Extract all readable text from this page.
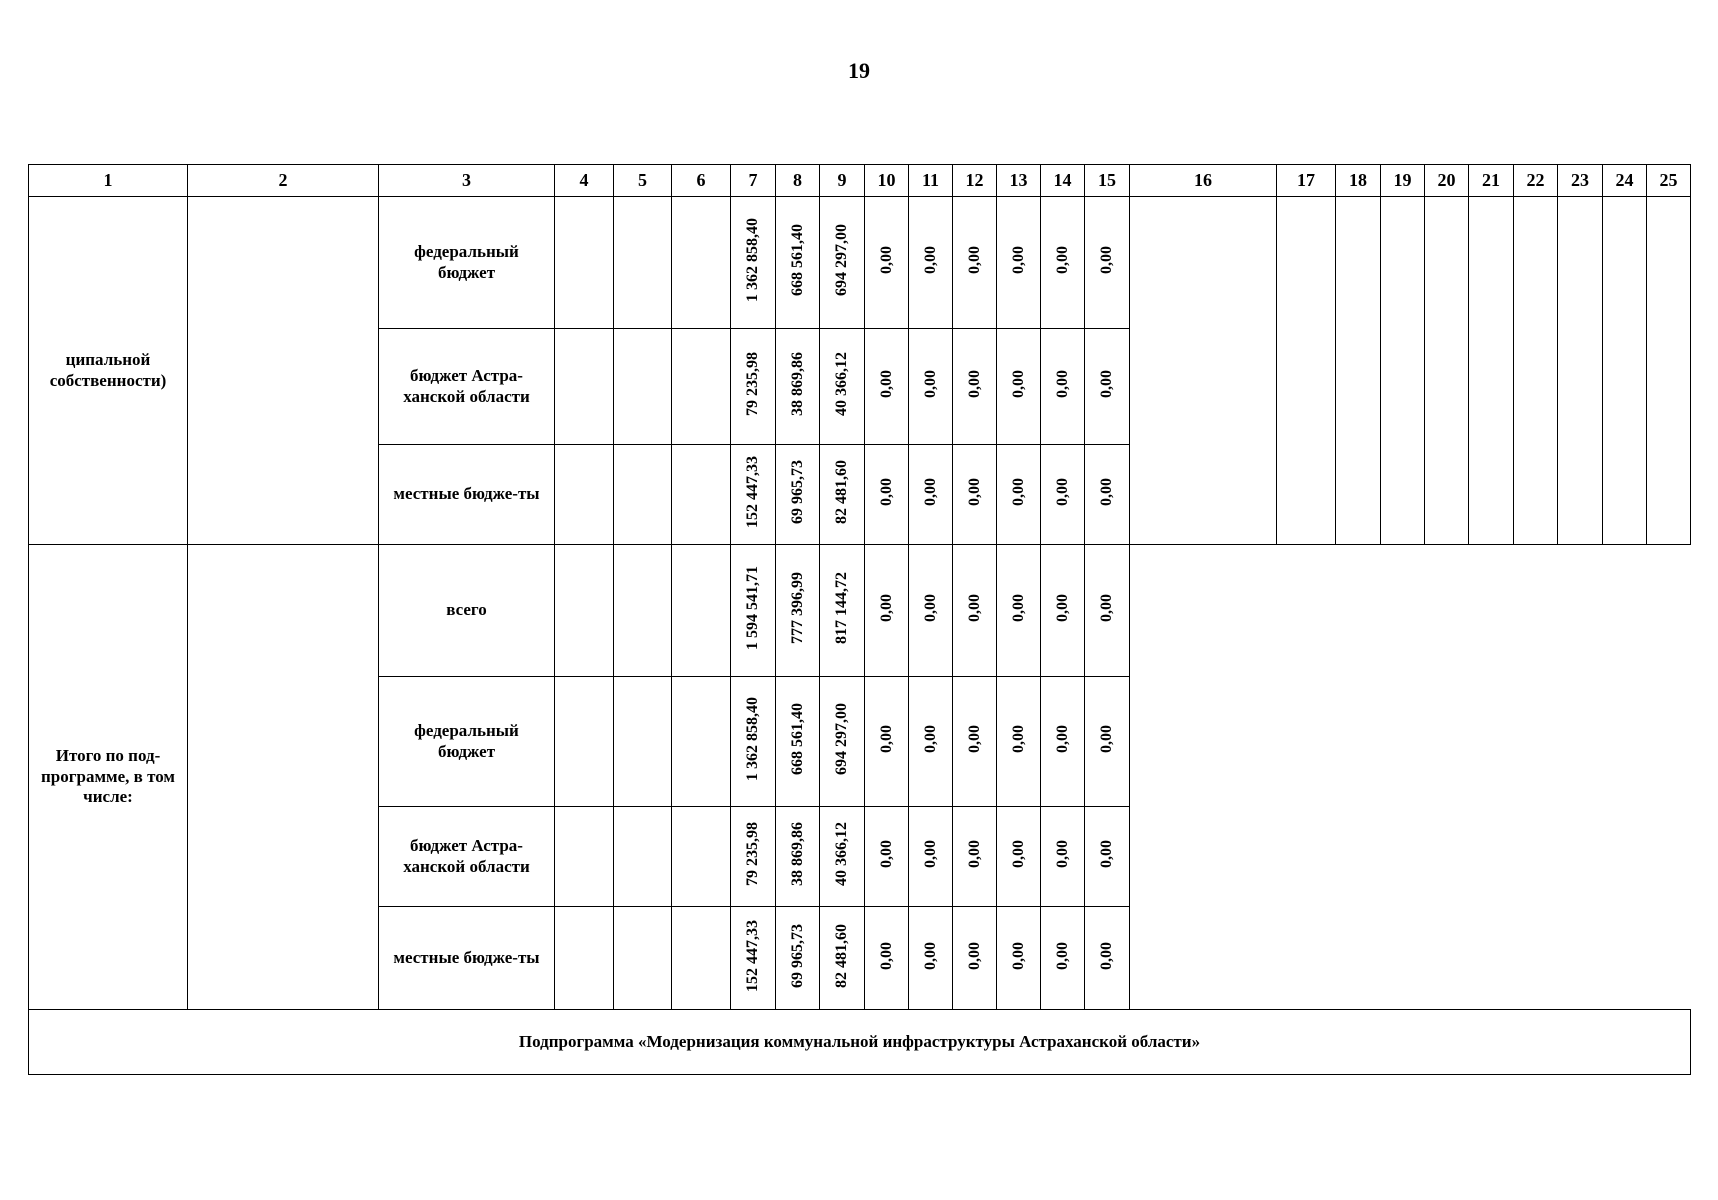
19
1	2	3	4	5	6	7	8	9	10	11	12	13	14	15	16	17	18	19	20	21	22	23	24	25

ципальной собственности)		федеральный бюджет				1 362 858,40	668 561,40	694 297,00	0,00	0,00	0,00	0,00	0,00	0,00										

		бюджет Астра-ханской области				79 235,98	38 869,86	40 366,12	0,00	0,00	0,00	0,00	0,00	0,00										

		местные бюдже-ты				152 447,33	69 965,73	82 481,60	0,00	0,00	0,00	0,00	0,00	0,00										

Итого по под-программе, в том числе:		всего				1 594 541,71	777 396,99	817 144,72	0,00	0,00	0,00	0,00	0,00	0,00										

		федеральный бюджет				1 362 858,40	668 561,40	694 297,00	0,00	0,00	0,00	0,00	0,00	0,00										

		бюджет Астра-ханской области				79 235,98	38 869,86	40 366,12	0,00	0,00	0,00	0,00	0,00	0,00										

		местные бюдже-ты				152 447,33	69 965,73	82 481,60	0,00	0,00	0,00	0,00	0,00	0,00										
Подпрограмма «Модернизация коммунальной инфраструктуры Астраханской области»																								
